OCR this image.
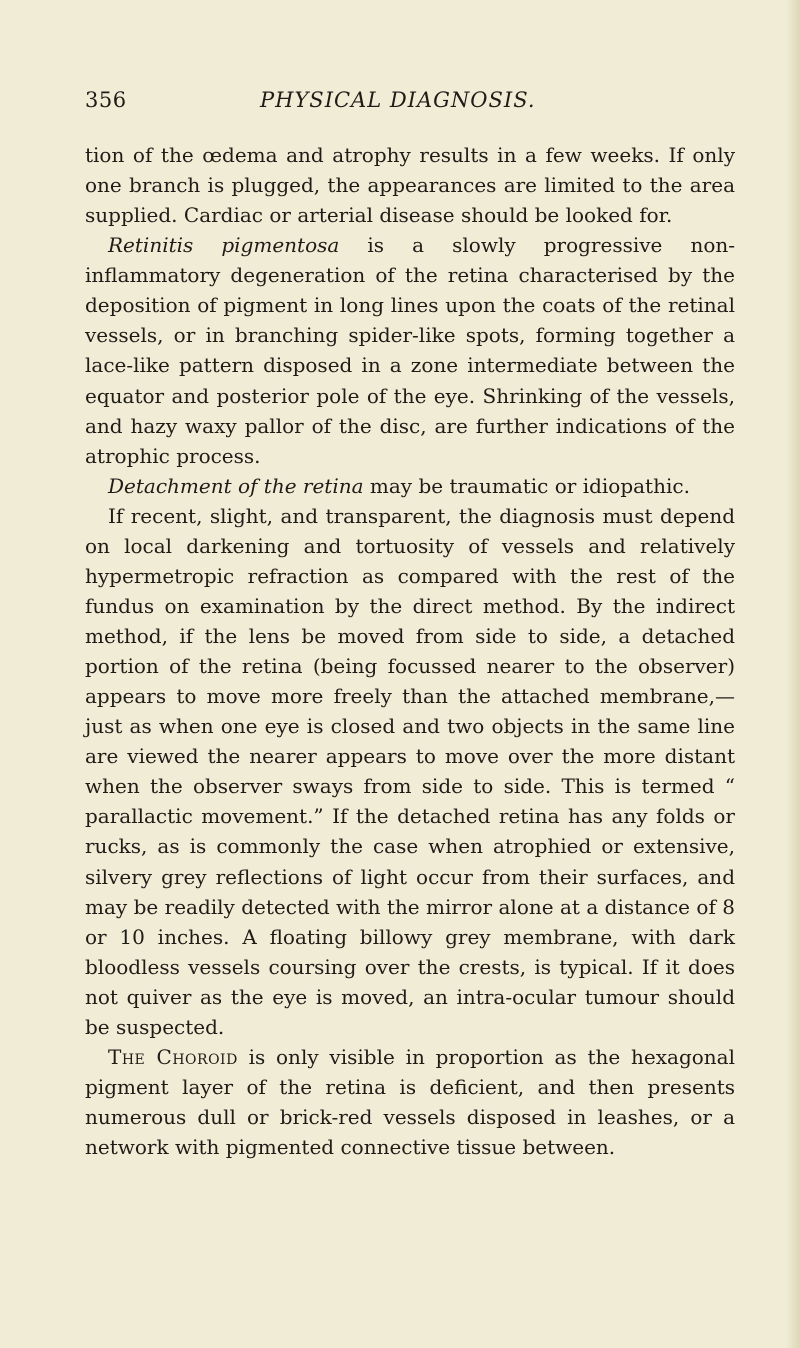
356	PHYSICAL DIAGNOSIS.

tion of the œdema and atrophy results in a few weeks. If only one branch is plugged, the appearances are limited to the area supplied. Cardiac or arterial disease should be looked for.

Retinitis pigmentosa is a slowly progressive non-inflammatory degeneration of the retina characterised by the deposition of pigment in long lines upon the coats of the retinal vessels, or in branching spider-like spots, forming together a lace-like pattern disposed in a zone intermediate between the equator and posterior pole of the eye. Shrinking of the vessels, and hazy waxy pallor of the disc, are further indications of the atrophic process.

Detachment of the retina may be traumatic or idiopathic.

If recent, slight, and transparent, the diagnosis must depend on local darkening and tortuosity of vessels and relatively hypermetropic refraction as compared with the rest of the fundus on examination by the direct method. By the indirect method, if the lens be moved from side to side, a detached portion of the retina (being focussed nearer to the observer) appears to move more freely than the attached membrane,—just as when one eye is closed and two objects in the same line are viewed the nearer appears to move over the more distant when the observer sways from side to side. This is termed “ parallactic movement.” If the detached retina has any folds or rucks, as is commonly the case when atrophied or extensive, silvery grey reflections of light occur from their surfaces, and may be readily detected with the mirror alone at a distance of 8 or 10 inches. A floating billowy grey membrane, with dark bloodless vessels coursing over the crests, is typical. If it does not quiver as the eye is moved, an intra-ocular tumour should be suspected.

The Choroid is only visible in proportion as the hexagonal pigment layer of the retina is deficient, and then presents numerous dull or brick-red vessels disposed in leashes, or a network with pigmented connective tissue between.
